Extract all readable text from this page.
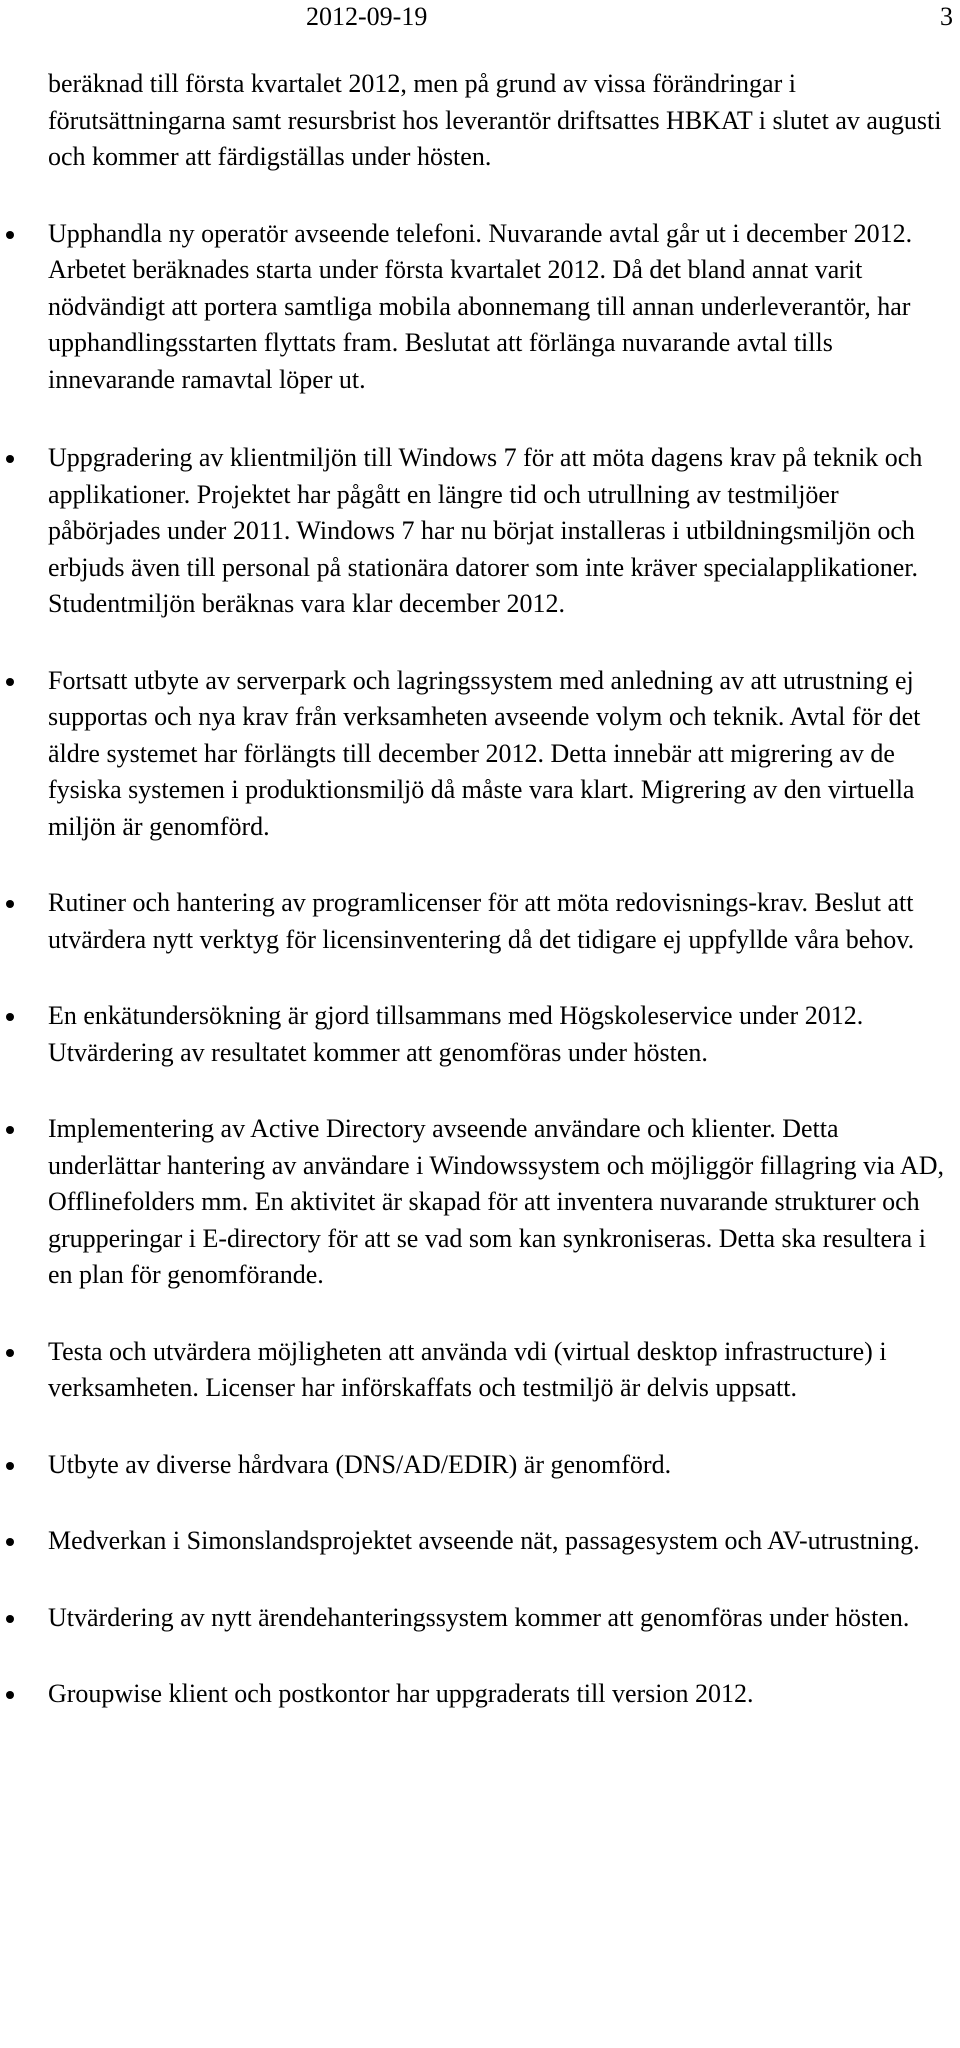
2012-09-19	3

beräknad till första kvartalet 2012, men på grund av vissa förändringar i förutsättningarna samt resursbrist hos leverantör driftsattes HBKAT i slutet av augusti och kommer att färdigställas under hösten.

Upphandla ny operatör avseende telefoni. Nuvarande avtal går ut i december 2012. Arbetet beräknades starta under första kvartalet 2012. Då det bland annat varit nödvändigt att portera samtliga mobila abonnemang till annan underleverantör, har upphandlingsstarten flyttats fram. Beslutat att förlänga nuvarande avtal tills innevarande ramavtal löper ut.
Uppgradering av klientmiljön till Windows 7 för att möta dagens krav på teknik och applikationer. Projektet har pågått en längre tid och utrullning av testmiljöer påbörjades under 2011. Windows 7 har nu börjat installeras i utbildningsmiljön och erbjuds även till personal på stationära datorer som inte kräver specialapplikationer. Studentmiljön beräknas vara klar december 2012.
Fortsatt utbyte av serverpark och lagringssystem med anledning av att utrustning ej supportas och nya krav från verksamheten avseende volym och teknik. Avtal för det äldre systemet har förlängts till december 2012. Detta innebär att migrering av de fysiska systemen i produktionsmiljö då måste vara klart. Migrering av den virtuella miljön är genomförd.
Rutiner och hantering av programlicenser för att möta redovisnings-krav. Beslut att utvärdera nytt verktyg för licensinventering då det tidigare ej uppfyllde våra behov.
En enkätundersökning är gjord tillsammans med Högskoleservice under 2012. Utvärdering av resultatet kommer att genomföras under hösten.
Implementering av Active Directory avseende användare och klienter. Detta underlättar hantering av användare i Windowssystem och möjliggör fillagring via AD, Offlinefolders mm. En aktivitet är skapad för att inventera nuvarande strukturer och grupperingar i E-directory för att se vad som kan synkroniseras. Detta ska resultera i en plan för genomförande.
Testa och utvärdera möjligheten att använda vdi (virtual desktop infrastructure) i verksamheten. Licenser har införskaffats och testmiljö är delvis uppsatt.
Utbyte av diverse hårdvara (DNS/AD/EDIR) är genomförd.
Medverkan i Simonslandsprojektet avseende nät, passagesystem och AV-utrustning.
Utvärdering av nytt ärendehanteringssystem kommer att genomföras under hösten.
Groupwise klient och postkontor har uppgraderats till version 2012.
